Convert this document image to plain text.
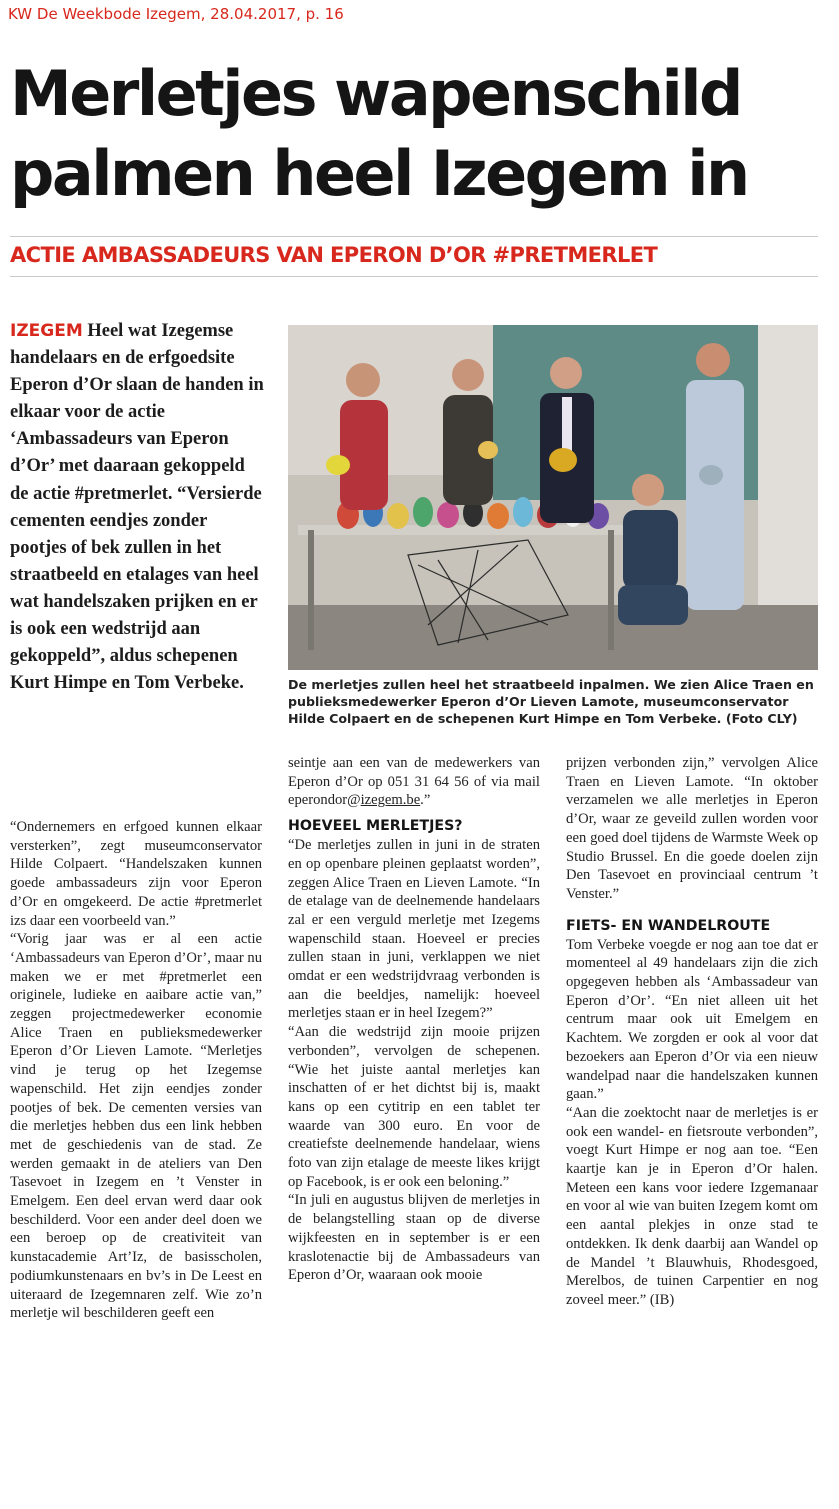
KW De Weekbode Izegem, 28.04.2017, p. 16
Merletjes wapenschild
palmen heel Izegem in
ACTIE AMBASSADEURS VAN EPERON D’OR #PRETMERLET
IZEGEM Heel wat Izegemse handelaars en de erfgoedsite Eperon d’Or slaan de handen in elkaar voor de actie ‘Ambassadeurs van Eperon d’Or’ met daaraan gekoppeld de actie #pretmerlet. “Versierde cementen eendjes zonder pootjes of bek zullen in het straatbeeld en etalages van heel wat handelszaken prijken en er is ook een wedstrijd aan gekoppeld”, aldus schepenen Kurt Himpe en Tom Verbeke.	De merletjes zullen heel het straatbeeld inpalmen. We zien Alice Traen en publieksmedewerker Eperon d’Or Lieven Lamote, museumconservator Hilde Colpaert en de schepenen Kurt Himpe en Tom Verbeke. (Foto CLY)

“Ondernemers en erfgoed kunnen elkaar versterken”, zegt museumconservator Hilde Colpaert. “Handelszaken kunnen goede ambassadeurs zijn voor Eperon d’Or en omgekeerd. De actie #pretmerlet izs daar een voorbeeld van.”

“Vorig jaar was er al een actie ‘Ambassadeurs van Eperon d’Or’, maar nu maken we er met #pretmerlet een originele, ludieke en aaibare actie van,” zeggen projectmedewerker economie Alice Traen en publieksmedewerker Eperon d’Or Lieven Lamote. “Merletjes vind je terug op het Izegemse wapenschild. Het zijn eendjes zonder pootjes of bek. De cementen versies van die merletjes hebben dus een link hebben met de geschiedenis van de stad. Ze werden gemaakt in de ateliers van Den Tasevoet in Izegem en ’t Venster in Emelgem. Een deel ervan werd daar ook beschilderd. Voor een ander deel doen we een beroep op de creativiteit van kunstacademie Art’Iz, de basisscholen, podiumkunstenaars en bv’s in De Leest en uiteraard de Izegemnaren zelf. Wie zo’n merletje wil beschilderen geeft een

seintje aan een van de medewerkers van Eperon d’Or op 051 31 64 56 of via mail eperondor@izegem.be.”

HOEVEEL MERLETJES?

“De merletjes zullen in juni in de straten en op openbare pleinen geplaatst worden”, zeggen Alice Traen en Lieven Lamote. “In de etalage van de deelnemende handelaars zal er een verguld merletje met Izegems wapenschild staan. Hoeveel er precies zullen staan in juni, verklappen we niet omdat er een wedstrijdvraag verbonden is aan die beeldjes, namelijk: hoeveel merletjes staan er in heel Izegem?”

“Aan die wedstrijd zijn mooie prijzen verbonden”, vervolgen de schepenen. “Wie het juiste aantal merletjes kan inschatten of er het dichtst bij is, maakt kans op een cytitrip en een tablet ter waarde van 300 euro. En voor de creatiefste deelnemende handelaar, wiens foto van zijn etalage de meeste likes krijgt op Facebook, is er ook een beloning.”

“In juli en augustus blijven de merletjes in de belangstelling staan op de diverse wijkfeesten en in september is er een kraslotenactie bij de Ambassadeurs van Eperon d’Or, waaraan ook mooie

prijzen verbonden zijn,” vervolgen Alice Traen en Lieven Lamote. “In oktober verzamelen we alle merletjes in Eperon d’Or, waar ze geveild zullen worden voor een goed doel tijdens de Warmste Week op Studio Brussel. En die goede doelen zijn Den Tasevoet en provinciaal centrum ’t Venster.”

FIETS- EN WANDELROUTE

Tom Verbeke voegde er nog aan toe dat er momenteel al 49 handelaars zijn die zich opgegeven hebben als ‘Ambassadeur van Eperon d’Or’. “En niet alleen uit het centrum maar ook uit Emelgem en Kachtem. We zorgden er ook al voor dat bezoekers aan Eperon d’Or via een nieuw wandelpad naar die handelszaken kunnen gaan.”

“Aan die zoektocht naar de merletjes is er ook een wandel- en fietsroute verbonden”, voegt Kurt Himpe er nog aan toe. “Een kaartje kan je in Eperon d’Or halen. Meteen een kans voor iedere Izgemanaar en voor al wie van buiten Izegem komt om een aantal plekjes in onze stad te ontdekken. Ik denk daarbij aan Wandel op de Mandel ’t Blauwhuis, Rhodesgoed, Merelbos, de tuinen Carpentier en nog zoveel meer.” (IB)
